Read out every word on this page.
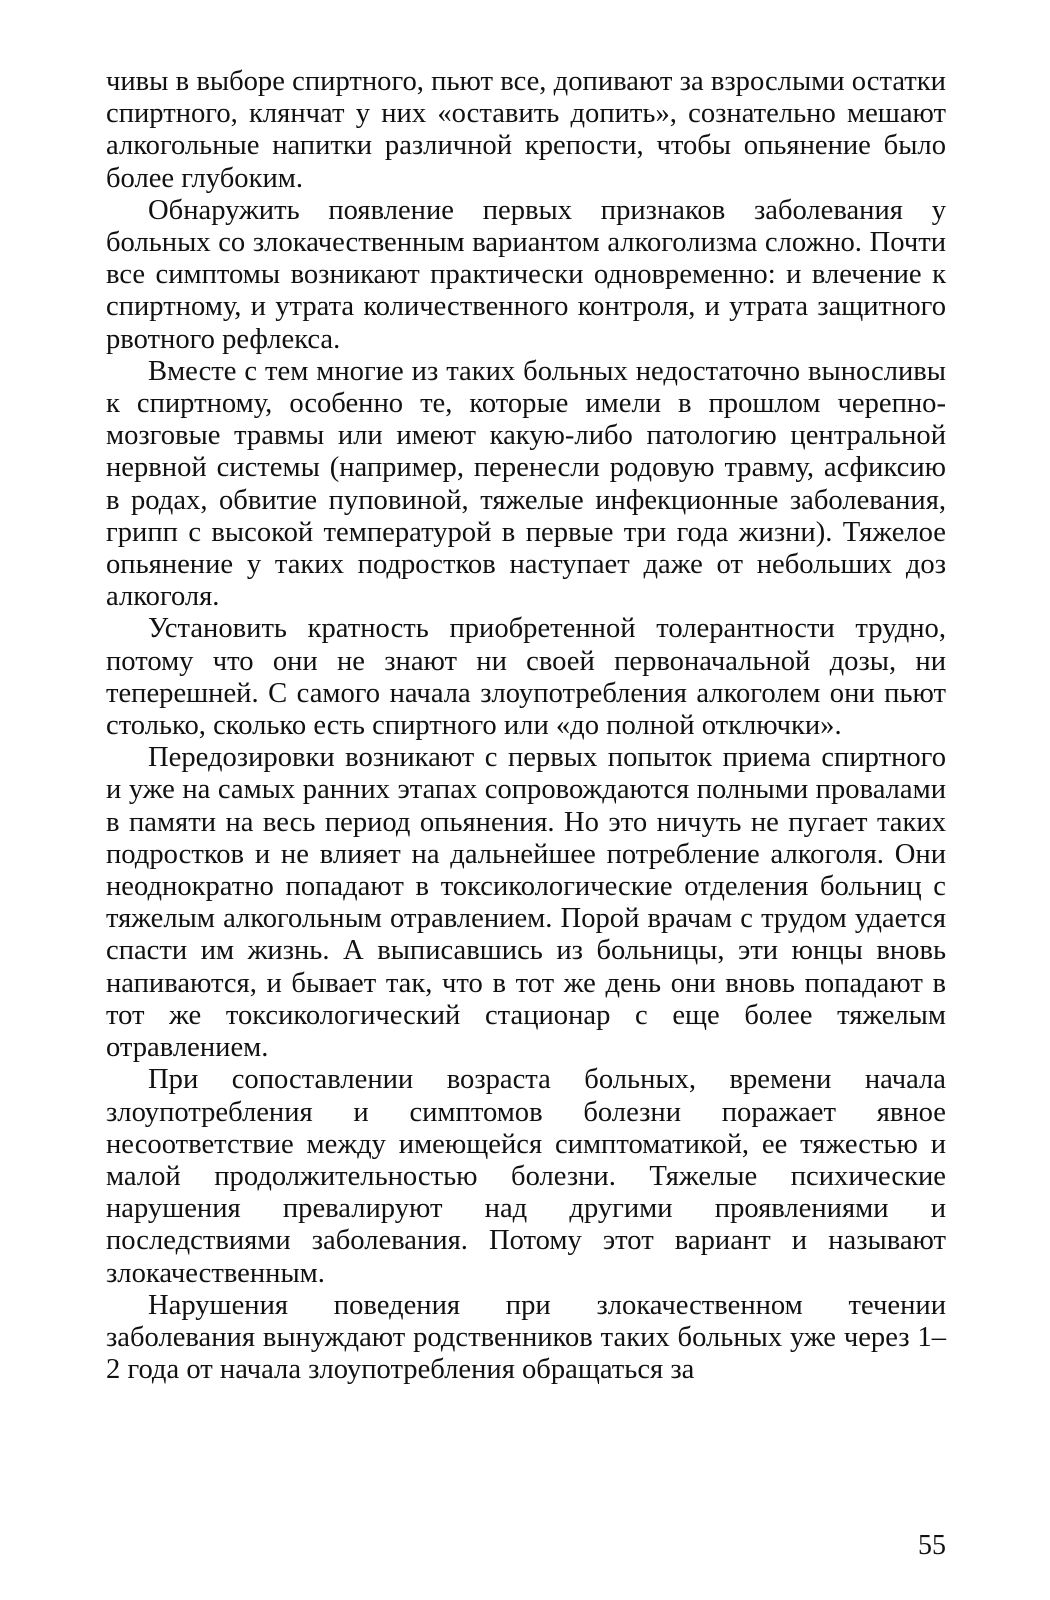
чивы в выборе спиртного, пьют все, допивают за взрослыми остатки спиртного, клянчат у них «оставить допить», сознательно мешают алкогольные напитки различной крепости, чтобы опьянение было более глубоким.

Обнаружить появление первых признаков заболевания у больных со злокачественным вариантом алкоголизма сложно. Почти все симптомы возникают практически одновременно: и влечение к спиртному, и утрата количественного контроля, и утрата защитного рвотного рефлекса.

Вместе с тем многие из таких больных недостаточно выносливы к спиртному, особенно те, которые имели в прошлом черепно-мозговые травмы или имеют какую-либо патологию центральной нервной системы (например, перенесли родовую травму, асфиксию в родах, обвитие пуповиной, тяжелые инфекционные заболевания, грипп с высокой температурой в первые три года жизни). Тяжелое опьянение у таких подростков наступает даже от небольших доз алкоголя.

Установить кратность приобретенной толерантности трудно, потому что они не знают ни своей первоначальной дозы, ни теперешней. С самого начала злоупотребления алкоголем они пьют столько, сколько есть спиртного или «до полной отключки».

Передозировки возникают с первых попыток приема спиртного и уже на самых ранних этапах сопровождаются полными провалами в памяти на весь период опьянения. Но это ничуть не пугает таких подростков и не влияет на дальнейшее потребление алкоголя. Они неоднократно попадают в токсикологические отделения больниц с тяжелым алкогольным отравлением. Порой врачам с трудом удается спасти им жизнь. А выписавшись из больницы, эти юнцы вновь напиваются, и бывает так, что в тот же день они вновь попадают в тот же токсикологический стационар с еще более тяжелым отравлением.

При сопоставлении возраста больных, времени начала злоупотребления и симптомов болезни поражает явное несоответствие между имеющейся симптоматикой, ее тяжестью и малой продолжительностью болезни. Тяжелые психические нарушения превалируют над другими проявлениями и последствиями заболевания. Потому этот вариант и называют злокачественным.

Нарушения поведения при злокачественном течении заболевания вынуждают родственников таких больных уже через 1–2 года от начала злоупотребления обращаться за

55
